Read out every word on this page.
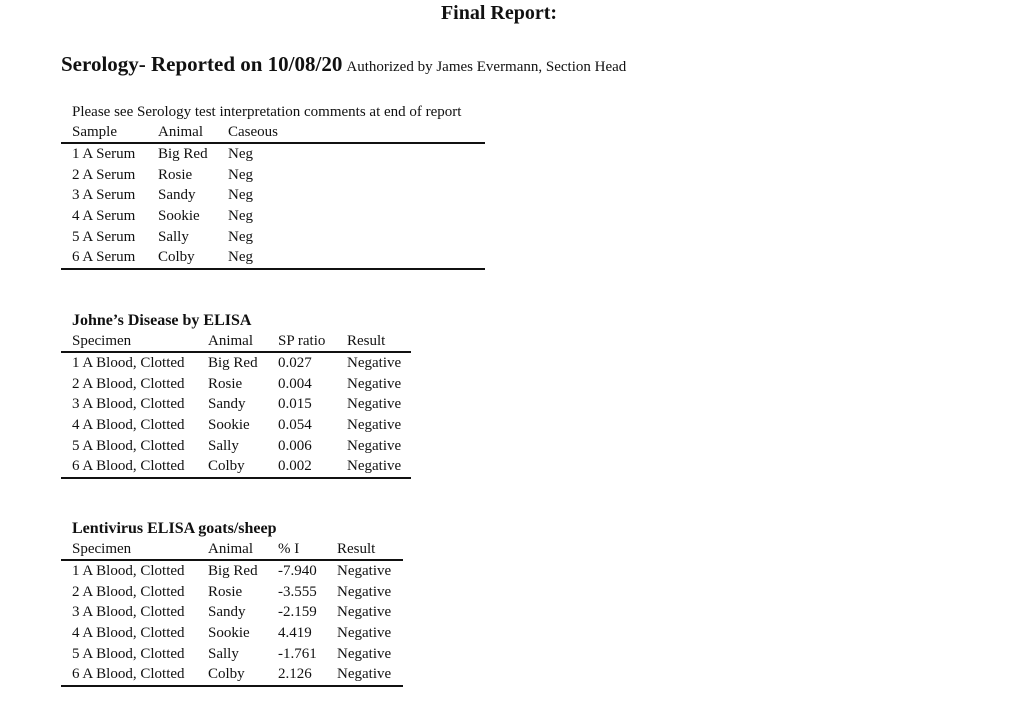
Final Report:
Serology- Reported on 10/08/20 Authorized by James Evermann, Section Head
Please see Serology test interpretation comments at end of report
Sample	Animal	Caseous
1 A Serum	Big Red	Neg
2 A Serum	Rosie	Neg
3 A Serum	Sandy	Neg
4 A Serum	Sookie	Neg
5 A Serum	Sally	Neg
6 A Serum	Colby	Neg
Johne’s Disease by ELISA
Specimen	Animal	SP ratio	Result
1 A Blood, Clotted	Big Red	0.027	Negative
2 A Blood, Clotted	Rosie	0.004	Negative
3 A Blood, Clotted	Sandy	0.015	Negative
4 A Blood, Clotted	Sookie	0.054	Negative
5 A Blood, Clotted	Sally	0.006	Negative
6 A Blood, Clotted	Colby	0.002	Negative
Lentivirus ELISA goats/sheep
Specimen	Animal	% I	Result
1 A Blood, Clotted	Big Red	-7.940	Negative
2 A Blood, Clotted	Rosie	-3.555	Negative
3 A Blood, Clotted	Sandy	-2.159	Negative
4 A Blood, Clotted	Sookie	4.419	Negative
5 A Blood, Clotted	Sally	-1.761	Negative
6 A Blood, Clotted	Colby	2.126	Negative
